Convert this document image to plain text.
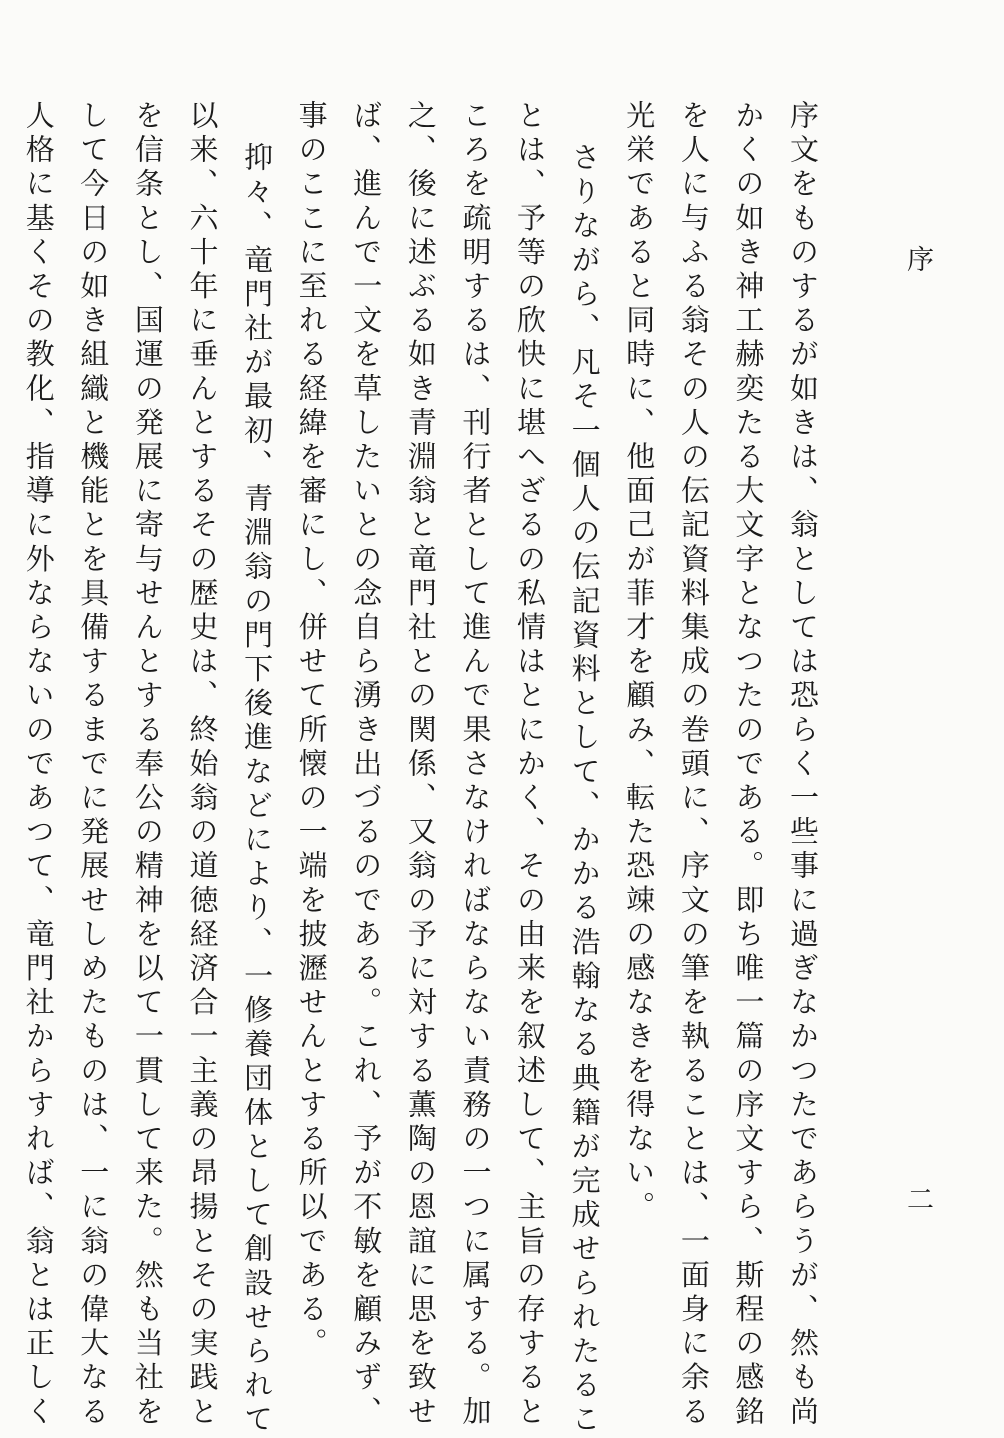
序
二

序文をものするが如きは、翁としては恐らく一些事に過ぎなかつたであらうが、然も尚

かくの如き神工赫奕たる大文字となつたのである。即ち唯一篇の序文すら、斯程の感銘

を人に与ふる翁その人の伝記資料集成の巻頭に、序文の筆を執ることは、一面身に余る

光栄であると同時に、他面己が菲才を顧み、転た恐竦の感なきを得ない。

さりながら、凡そ一個人の伝記資料として、かかる浩翰なる典籍が完成せられたるこ

とは、予等の欣快に堪へざるの私情はとにかく、その由来を叙述して、主旨の存すると

ころを疏明するは、刊行者として進んで果さなければならない責務の一つに属する。加

之、後に述ぶる如き青淵翁と竜門社との関係、又翁の予に対する薫陶の恩誼に思を致せ

ば、進んで一文を草したいとの念自ら湧き出づるのである。これ、予が不敏を顧みず、

事のここに至れる経緯を審にし、併せて所懐の一端を披瀝せんとする所以である。

抑々、竜門社が最初、青淵翁の門下後進などにより、一修養団体として創設せられて

以来、六十年に垂んとするその歴史は、終始翁の道徳経済合一主義の昂揚とその実践と

を信条とし、国運の発展に寄与せんとする奉公の精神を以て一貫して来た。然も当社を

して今日の如き組織と機能とを具備するまでに発展せしめたものは、一に翁の偉大なる

人格に基くその教化、指導に外ならないのであつて、竜門社からすれば、翁とは正しく
